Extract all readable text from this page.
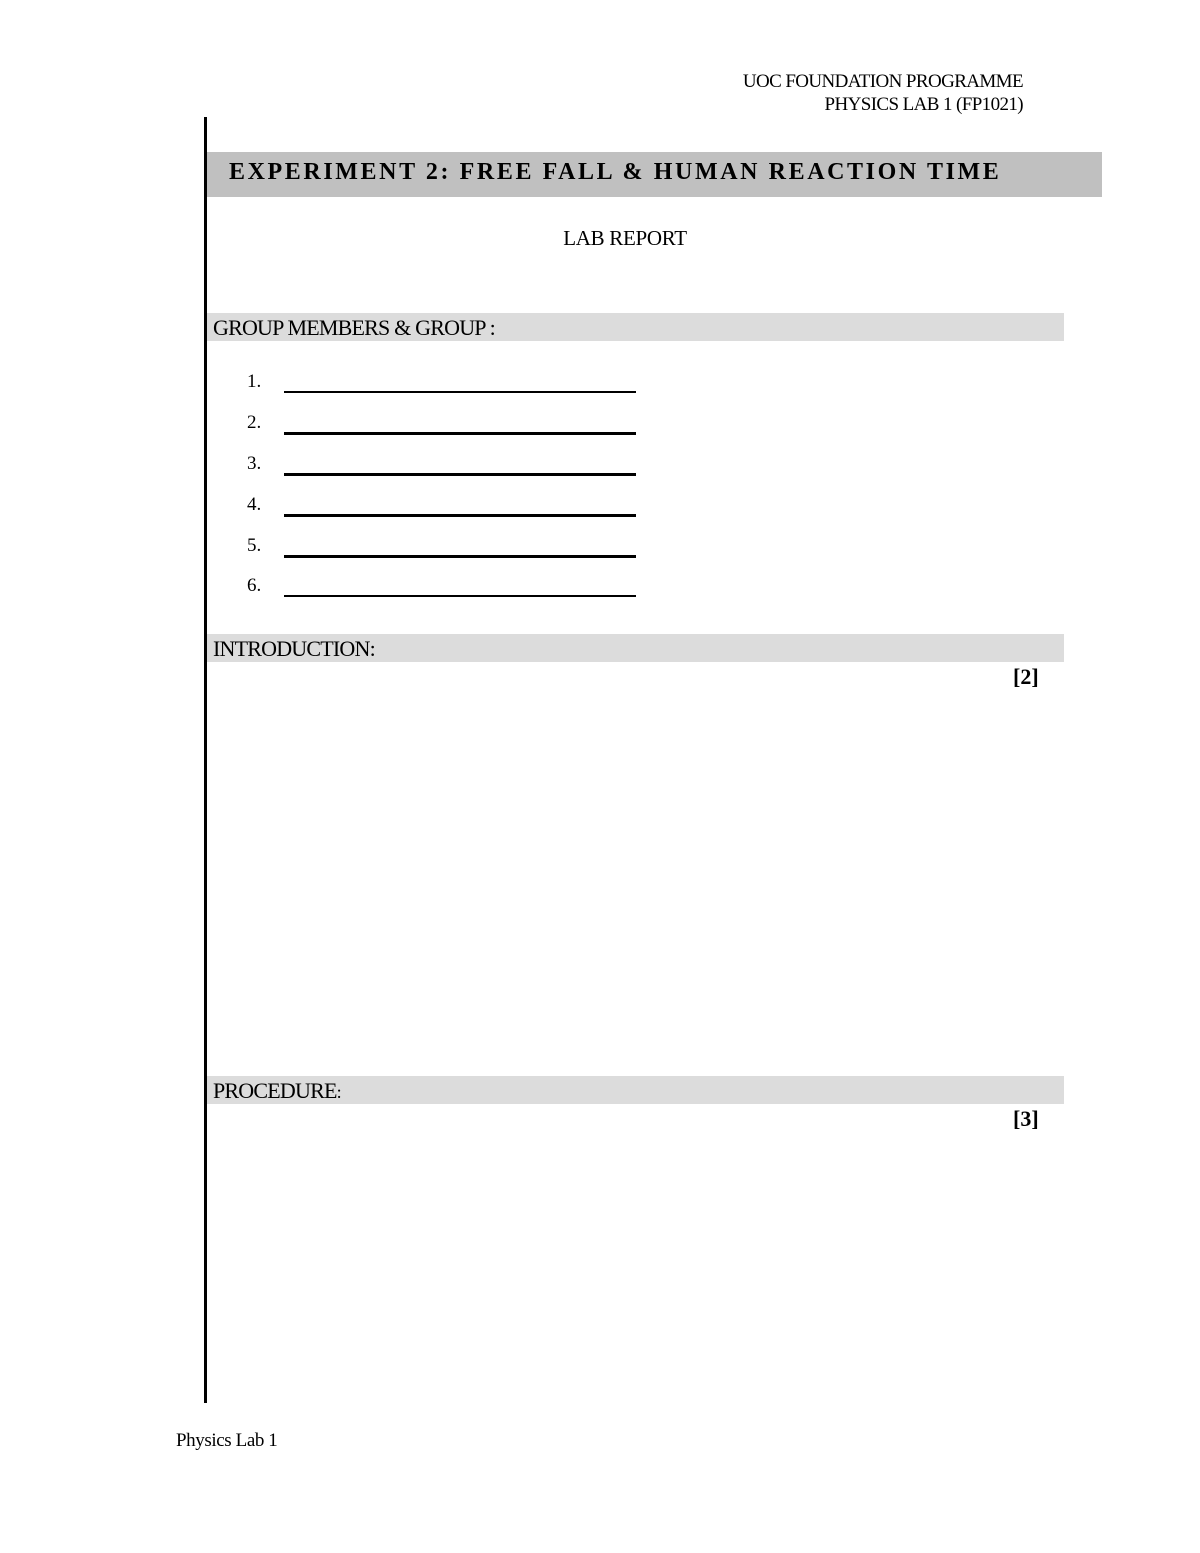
UOC FOUNDATION PROGRAMME
PHYSICS LAB 1 (FP1021)
EXPERIMENT 2: FREE FALL & HUMAN REACTION TIME
LAB REPORT
GROUP MEMBERS & GROUP :
1.
2.
3.
4.
5.
6.
INTRODUCTION:
[2]
PROCEDURE:
[3]
Physics Lab 1
